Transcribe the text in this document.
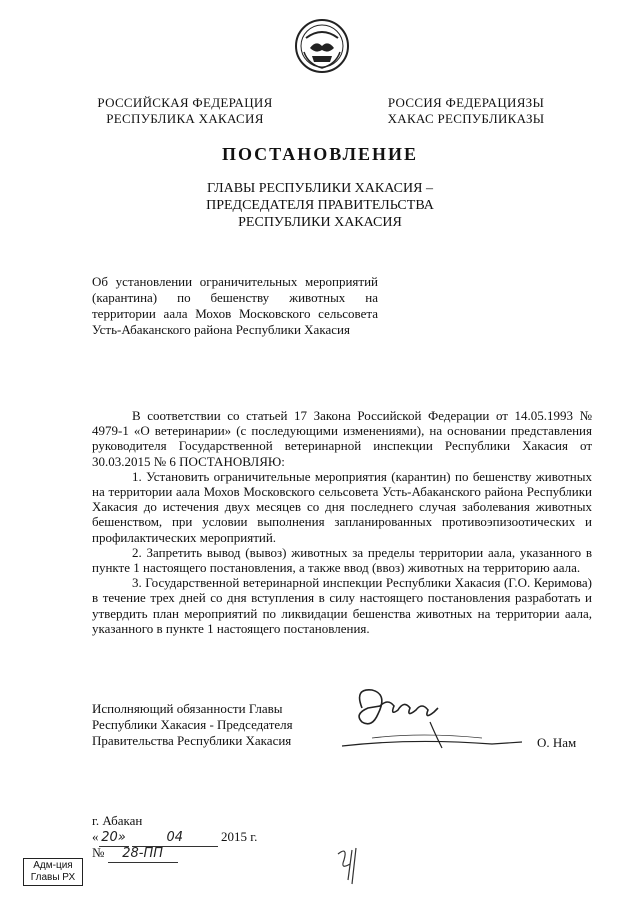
РОССИЙСКАЯ ФЕДЕРАЦИЯ
РЕСПУБЛИКА ХАКАСИЯ
РОССИЯ ФЕДЕРАЦИЯЗЫ
ХАКАС РЕСПУБЛИКАЗЫ
ПОСТАНОВЛЕНИЕ
ГЛАВЫ РЕСПУБЛИКИ ХАКАСИЯ –
ПРЕДСЕДАТЕЛЯ ПРАВИТЕЛЬСТВА
РЕСПУБЛИКИ ХАКАСИЯ
Об установлении ограничительных мероприятий (карантина) по бешенству животных на территории аала Мохов Московского сельсовета Усть-Абаканского района Республики Хакасия

В соответствии со статьей 17 Закона Российской Федерации от 14.05.1993 № 4979-1 «О ветеринарии» (с последующими изменениями), на основании представления руководителя Государственной ветеринарной инспекции Республики Хакасия от 30.03.2015 № 6 ПОСТАНОВЛЯЮ:

1. Установить ограничительные мероприятия (карантин) по бешенству животных на территории аала Мохов Московского сельсовета Усть-Абаканского района Республики Хакасия до истечения двух месяцев со дня последнего случая заболевания животных бешенством, при условии выполнения запланированных противоэпизоотических и профилактических мероприятий.

2. Запретить вывод (вывоз) животных за пределы территории аала, указанного в пункте 1 настоящего постановления, а также ввод (ввоз) животных на территорию аала.

3. Государственной ветеринарной инспекции Республики Хакасия (Г.О. Керимова) в течение трех дней со дня вступления в силу настоящего постановления разработать и утвердить план мероприятий по ликвидации бешенства животных на территории аала, указанного в пункте 1 настоящего постановления.

Исполняющий обязанности Главы
Республики Хакасия - Председателя
Правительства Республики Хакасия	О. Нам
г. Абакан
« 20»	04	2015 г.
№ 28-ПП
Адм-ция
Главы РХ
